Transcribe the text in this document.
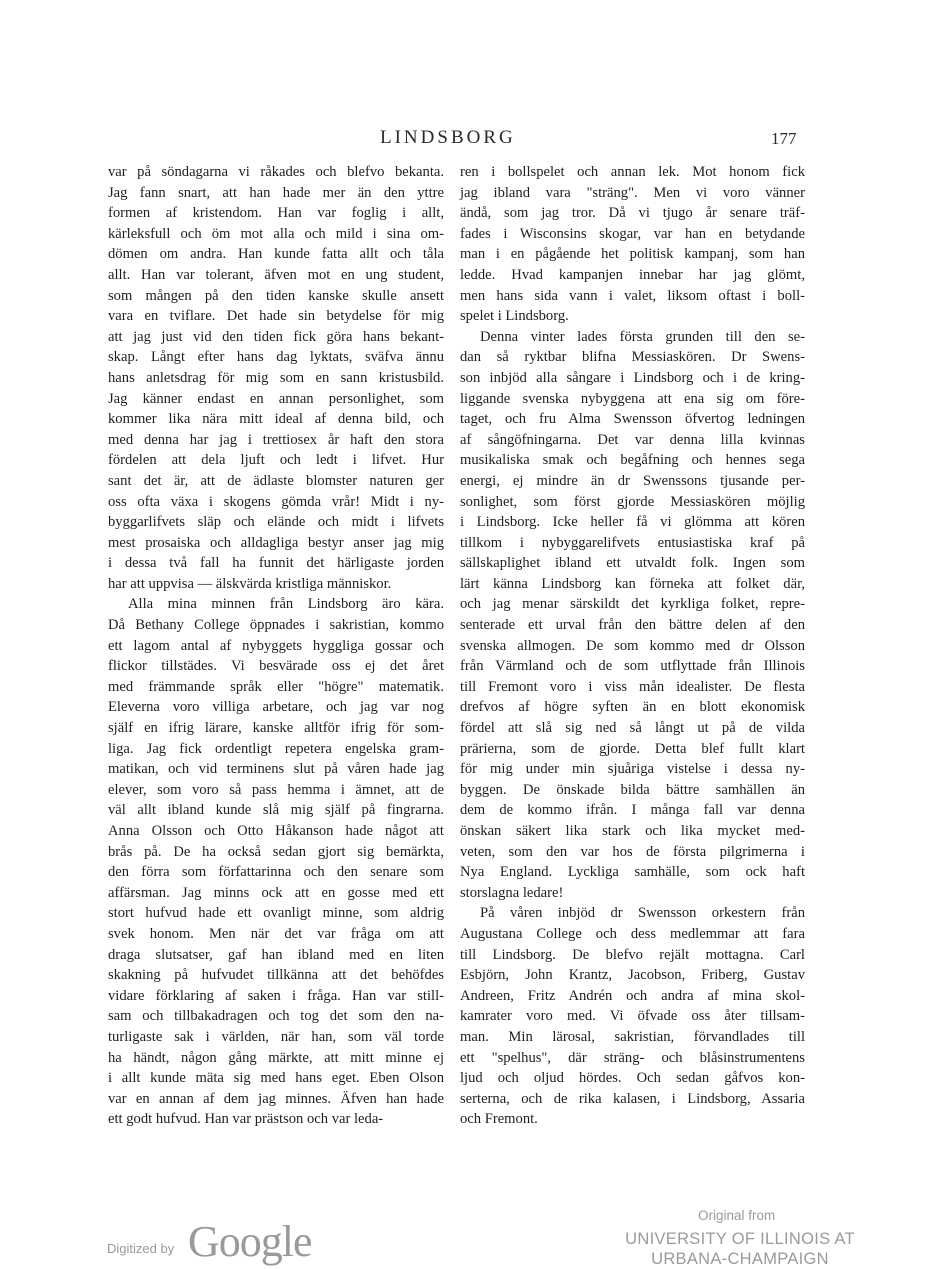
LINDSBORG	177
var på söndagarna vi råkades och blefvo bekanta.
Jag fann snart, att han hade mer än den yttre
formen af kristendom. Han var foglig i allt,
kärleksfull och öm mot alla och mild i sina om-
dömen om andra. Han kunde fatta allt och tåla
allt. Han var tolerant, äfven mot en ung student,
som mången på den tiden kanske skulle ansett
vara en tviflare. Det hade sin betydelse för mig
att jag just vid den tiden fick göra hans bekant-
skap. Långt efter hans dag lyktats, sväfva ännu
hans anletsdrag för mig som en sann kristusbild.
Jag känner endast en annan personlighet, som
kommer lika nära mitt ideal af denna bild, och
med denna har jag i trettiosex år haft den stora
fördelen att dela ljuft och ledt i lifvet. Hur
sant det är, att de ädlaste blomster naturen ger
oss ofta växa i skogens gömda vrår! Midt i ny-
byggarlifvets släp och elände och midt i lifvets
mest prosaiska och alldagliga bestyr anser jag mig
i dessa två fall ha funnit det härligaste jorden
har att uppvisa — älskvärda kristliga människor.
Alla mina minnen från Lindsborg äro kära.
Då Bethany College öppnades i sakristian, kommo
ett lagom antal af nybyggets hyggliga gossar och
flickor tillstädes. Vi besvärade oss ej det året
med främmande språk eller "högre" matematik.
Eleverna voro villiga arbetare, och jag var nog
själf en ifrig lärare, kanske alltför ifrig för som-
liga. Jag fick ordentligt repetera engelska gram-
matikan, och vid terminens slut på våren hade jag
elever, som voro så pass hemma i ämnet, att de
väl allt ibland kunde slå mig själf på fingrarna.
Anna Olsson och Otto Håkanson hade något att
brås på. De ha också sedan gjort sig bemärkta,
den förra som författarinna och den senare som
affärsman. Jag minns ock att en gosse med ett
stort hufvud hade ett ovanligt minne, som aldrig
svek honom. Men när det var fråga om att
draga slutsatser, gaf han ibland med en liten
skakning på hufvudet tillkänna att det behöfdes
vidare förklaring af saken i fråga. Han var still-
sam och tillbakadragen och tog det som den na-
turligaste sak i världen, när han, som väl torde
ha händt, någon gång märkte, att mitt minne ej
i allt kunde mäta sig med hans eget. Eben Olson
var en annan af dem jag minnes. Äfven han hade
ett godt hufvud. Han var prästson och var leda-
ren i bollspelet och annan lek. Mot honom fick
jag ibland vara "sträng". Men vi voro vänner
ändå, som jag tror. Då vi tjugo år senare träf-
fades i Wisconsins skogar, var han en betydande
man i en pågående het politisk kampanj, som han
ledde. Hvad kampanjen innebar har jag glömt,
men hans sida vann i valet, liksom oftast i boll-
spelet i Lindsborg.
Denna vinter lades första grunden till den se-
dan så ryktbar blifna Messiaskören. Dr Swens-
son inbjöd alla sångare i Lindsborg och i de kring-
liggande svenska nybyggena att ena sig om före-
taget, och fru Alma Swensson öfvertog ledningen
af sångöfningarna. Det var denna lilla kvinnas
musikaliska smak och begåfning och hennes sega
energi, ej mindre än dr Swenssons tjusande per-
sonlighet, som först gjorde Messiaskören möjlig
i Lindsborg. Icke heller få vi glömma att kören
tillkom i nybyggarelifvets entusiastiska kraf på
sällskaplighet ibland ett utvaldt folk. Ingen som
lärt känna Lindsborg kan förneka att folket där,
och jag menar särskildt det kyrkliga folket, repre-
senterade ett urval från den bättre delen af den
svenska allmogen. De som kommo med dr Olsson
från Värmland och de som utflyttade från Illinois
till Fremont voro i viss mån idealister. De flesta
drefvos af högre syften än en blott ekonomisk
fördel att slå sig ned så långt ut på de vilda
prärierna, som de gjorde. Detta blef fullt klart
för mig under min sjuåriga vistelse i dessa ny-
byggen. De önskade bilda bättre samhällen än
dem de kommo ifrån. I många fall var denna
önskan säkert lika stark och lika mycket med-
veten, som den var hos de första pilgrimerna i
Nya England. Lyckliga samhälle, som ock haft
storslagna ledare!
På våren inbjöd dr Swensson orkestern från
Augustana College och dess medlemmar att fara
till Lindsborg. De blefvo rejält mottagna. Carl
Esbjörn, John Krantz, Jacobson, Friberg, Gustav
Andreen, Fritz Andrén och andra af mina skol-
kamrater voro med. Vi öfvade oss åter tillsam-
man. Min lärosal, sakristian, förvandlades till
ett "spelhus", där sträng- och blåsinstrumentens
ljud och oljud hördes. Och sedan gåfvos kon-
serterna, och de rika kalasen, i Lindsborg, Assaria
och Fremont.
Digitized by Google
Original from
UNIVERSITY OF ILLINOIS AT
URBANA-CHAMPAIGN
